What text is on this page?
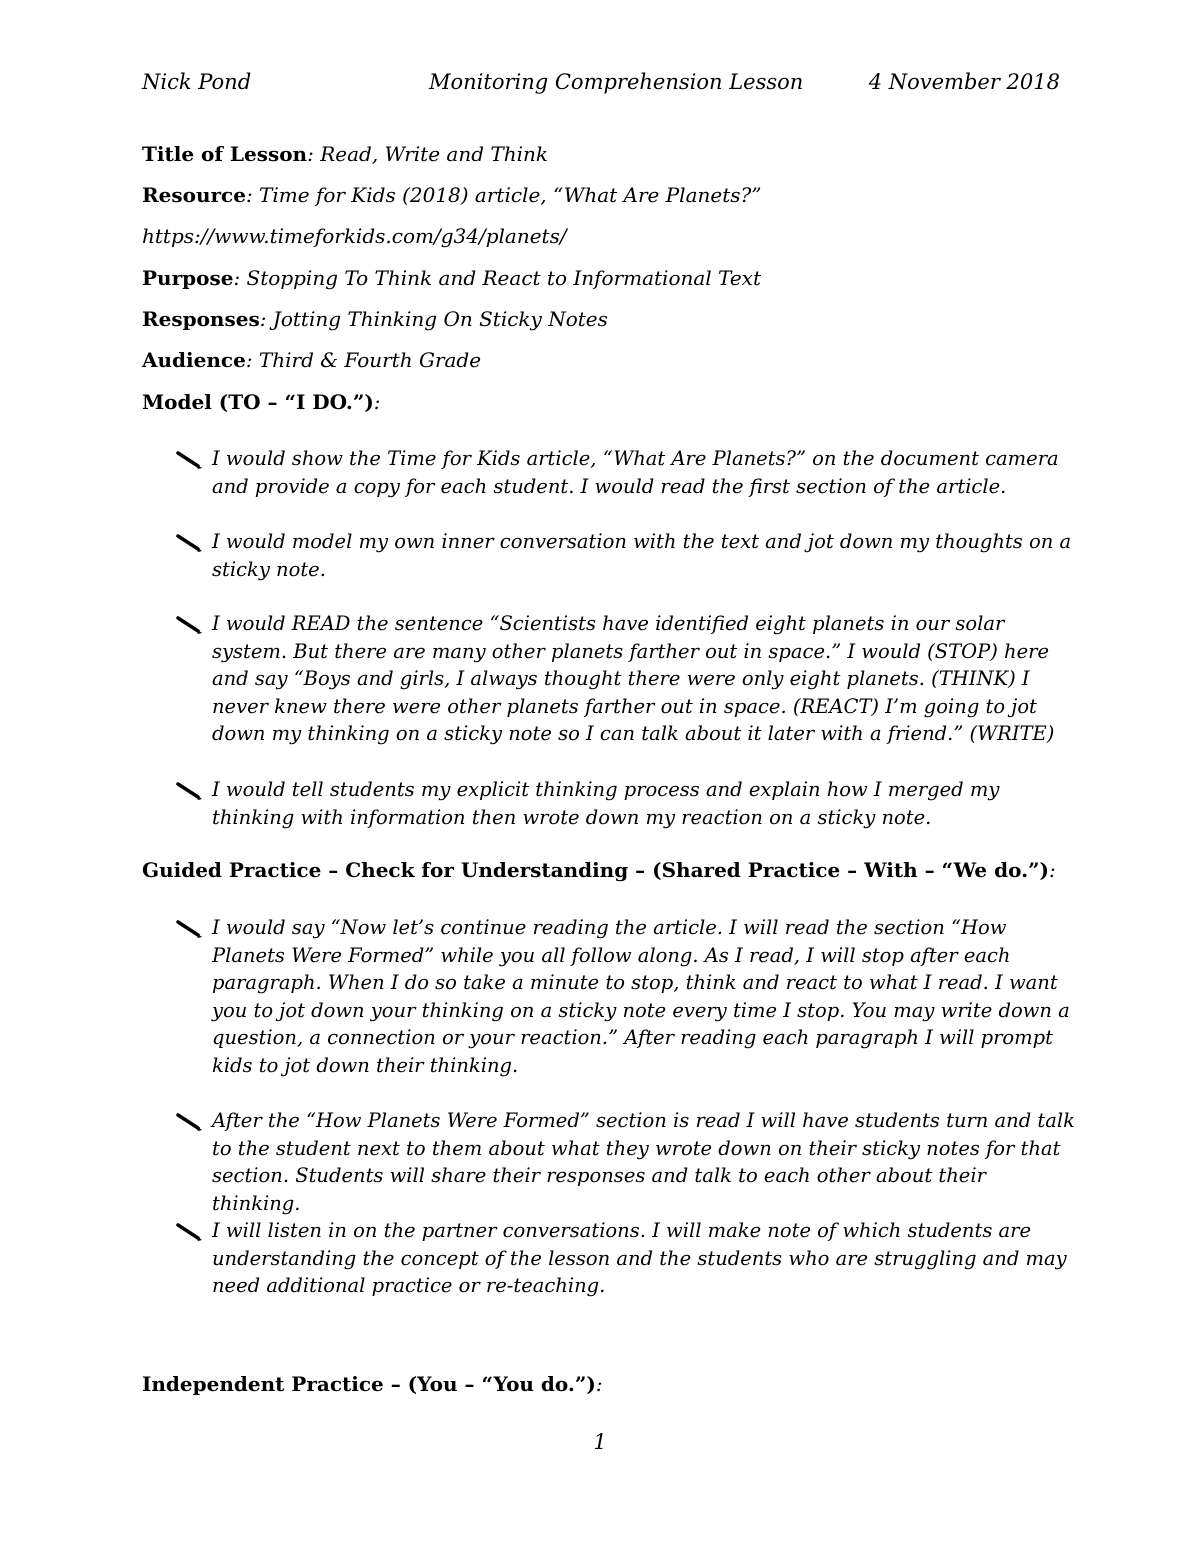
Nick Pond	Monitoring Comprehension Lesson	4 November 2018
Title of Lesson: Read, Write and Think
Resource: Time for Kids (2018) article, “What Are Planets?”
https://www.timeforkids.com/g34/planets/
Purpose: Stopping To Think and React to Informational Text
Responses: Jotting Thinking On Sticky Notes
Audience: Third & Fourth Grade
Model (TO – “I DO.”):
I would show the Time for Kids article, “What Are Planets?” on the document camera and provide a copy for each student. I would read the first section of the article.
I would model my own inner conversation with the text and jot down my thoughts on a sticky note.
I would READ the sentence “Scientists have identified eight planets in our solar system. But there are many other planets farther out in space.” I would (STOP) here and say “Boys and girls, I always thought there were only eight planets. (THINK) I never knew there were other planets farther out in space. (REACT) I’m going to jot down my thinking on a sticky note so I can talk about it later with a friend.” (WRITE)
I would tell students my explicit thinking process and explain how I merged my thinking with information then wrote down my reaction on a sticky note.
Guided Practice – Check for Understanding – (Shared Practice – With – “We do.”):
I would say “Now let’s continue reading the article. I will read the section “How Planets Were Formed” while you all follow along. As I read, I will stop after each paragraph. When I do so take a minute to stop, think and react to what I read. I want you to jot down your thinking on a sticky note every time I stop. You may write down a question, a connection or your reaction.” After reading each paragraph I will prompt kids to jot down their thinking.
After the “How Planets Were Formed” section is read I will have students turn and talk to the student next to them about what they wrote down on their sticky notes for that section. Students will share their responses and talk to each other about their thinking.
I will listen in on the partner conversations. I will make note of which students are understanding the concept of the lesson and the students who are struggling and may need additional practice or re-teaching.
Independent Practice – (You – “You do.”):
1
